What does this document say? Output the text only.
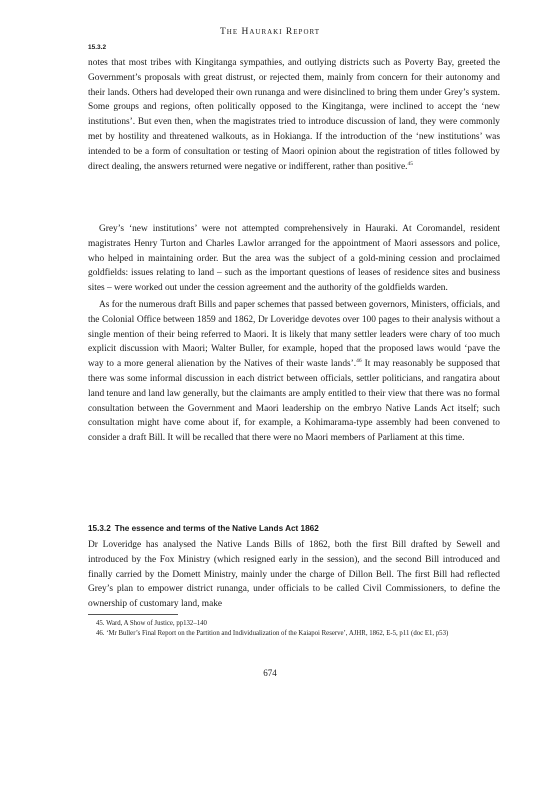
The Hauraki Report
15.3.2

notes that most tribes with Kingitanga sympathies, and outlying districts such as Poverty Bay, greeted the Government’s proposals with great distrust, or rejected them, mainly from concern for their autonomy and their lands. Others had developed their own runanga and were disinclined to bring them under Grey’s system. Some groups and regions, often politically opposed to the Kingitanga, were inclined to accept the ‘new institutions’. But even then, when the magistrates tried to introduce discussion of land, they were commonly met by hostility and threatened walkouts, as in Hokianga. If the introduction of the ‘new institutions’ was intended to be a form of consultation or testing of Maori opinion about the registration of titles followed by direct dealing, the answers returned were negative or indifferent, rather than positive.$^{45}$

Grey’s ‘new institutions’ were not attempted comprehensively in Hauraki. At Coromandel, resident magistrates Henry Turton and Charles Lawlor arranged for the appointment of Maori assessors and police, who helped in maintaining order. But the area was the subject of a gold-mining cession and proclaimed goldfields: issues relating to land – such as the important questions of leases of residence sites and business sites – were worked out under the cession agreement and the authority of the goldfields warden.

As for the numerous draft Bills and paper schemes that passed between governors, Ministers, officials, and the Colonial Office between 1859 and 1862, Dr Loveridge devotes over 100 pages to their analysis without a single mention of their being referred to Maori. It is likely that many settler leaders were chary of too much explicit discussion with Maori; Walter Buller, for example, hoped that the proposed laws would ‘pave the way to a more general alienation by the Natives of their waste lands’.$^{46}$ It may reasonably be supposed that there was some informal discussion in each district between officials, settler politicians, and rangatira about land tenure and land law generally, but the claimants are amply entitled to their view that there was no formal consultation between the Government and Maori leadership on the embryo Native Lands Act itself; such consultation might have come about if, for example, a Kohimarama-type assembly had been convened to consider a draft Bill. It will be recalled that there were no Maori members of Parliament at this time.

15.3.2 The essence and terms of the Native Lands Act 1862

Dr Loveridge has analysed the Native Lands Bills of 1862, both the first Bill drafted by Sewell and introduced by the Fox Ministry (which resigned early in the session), and the second Bill introduced and finally carried by the Domett Ministry, mainly under the charge of Dillon Bell. The first Bill had reflected Grey’s plan to empower district runanga, under officials to be called Civil Commissioners, to define the ownership of customary land, make

45. Ward, A Show of Justice, pp132–140

46. ‘Mr Buller’s Final Report on the Partition and Individualization of the Kaiapoi Reserve’, AJHR, 1862, E-5, p11 (doc E1, p53)

674
